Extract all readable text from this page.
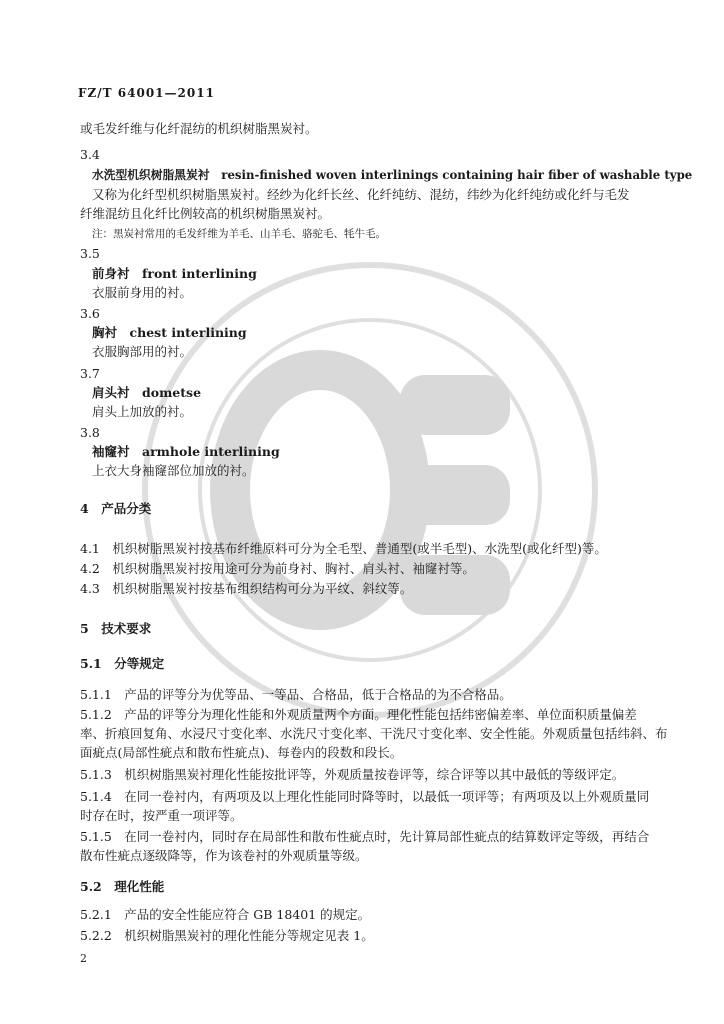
FZ/T 64001—2011
或毛发纤维与化纤混纺的机织树脂黑炭衬。
3.4
水洗型机织树脂黑炭衬　resin-finished woven interlinings containing hair fiber of washable type
又称为化纤型机织树脂黑炭衬。经纱为化纤长丝、化纤纯纺、混纺，纬纱为化纤纯纺或化纤与毛发
纤维混纺且化纤比例较高的机织树脂黑炭衬。
注：黑炭衬常用的毛发纤维为羊毛、山羊毛、骆驼毛、牦牛毛。
3.5
前身衬　front interlining
衣服前身用的衬。
3.6
胸衬　chest interlining
衣服胸部用的衬。
3.7
肩头衬　dometse
肩头上加放的衬。
3.8
袖窿衬　armhole interlining
上衣大身袖窿部位加放的衬。
4　产品分类
4.1　机织树脂黑炭衬按基布纤维原料可分为全毛型、普通型(或半毛型)、水洗型(或化纤型)等。
4.2　机织树脂黑炭衬按用途可分为前身衬、胸衬、肩头衬、袖窿衬等。
4.3　机织树脂黑炭衬按基布组织结构可分为平纹、斜纹等。
5　技术要求
5.1　分等规定
5.1.1　产品的评等分为优等品、一等品、合格品，低于合格品的为不合格品。
5.1.2　产品的评等分为理化性能和外观质量两个方面。理化性能包括纬密偏差率、单位面积质量偏差
率、折痕回复角、水浸尺寸变化率、水洗尺寸变化率、干洗尺寸变化率、安全性能。外观质量包括纬斜、布
面疵点(局部性疵点和散布性疵点)、每卷内的段数和段长。
5.1.3　机织树脂黑炭衬理化性能按批评等，外观质量按卷评等，综合评等以其中最低的等级评定。
5.1.4　在同一卷衬内，有两项及以上理化性能同时降等时，以最低一项评等；有两项及以上外观质量同
时存在时，按严重一项评等。
5.1.5　在同一卷衬内，同时存在局部性和散布性疵点时，先计算局部性疵点的结算数评定等级，再结合
散布性疵点逐级降等，作为该卷衬的外观质量等级。
5.2　理化性能
5.2.1　产品的安全性能应符合 GB 18401 的规定。
5.2.2　机织树脂黑炭衬的理化性能分等规定见表 1。
2
